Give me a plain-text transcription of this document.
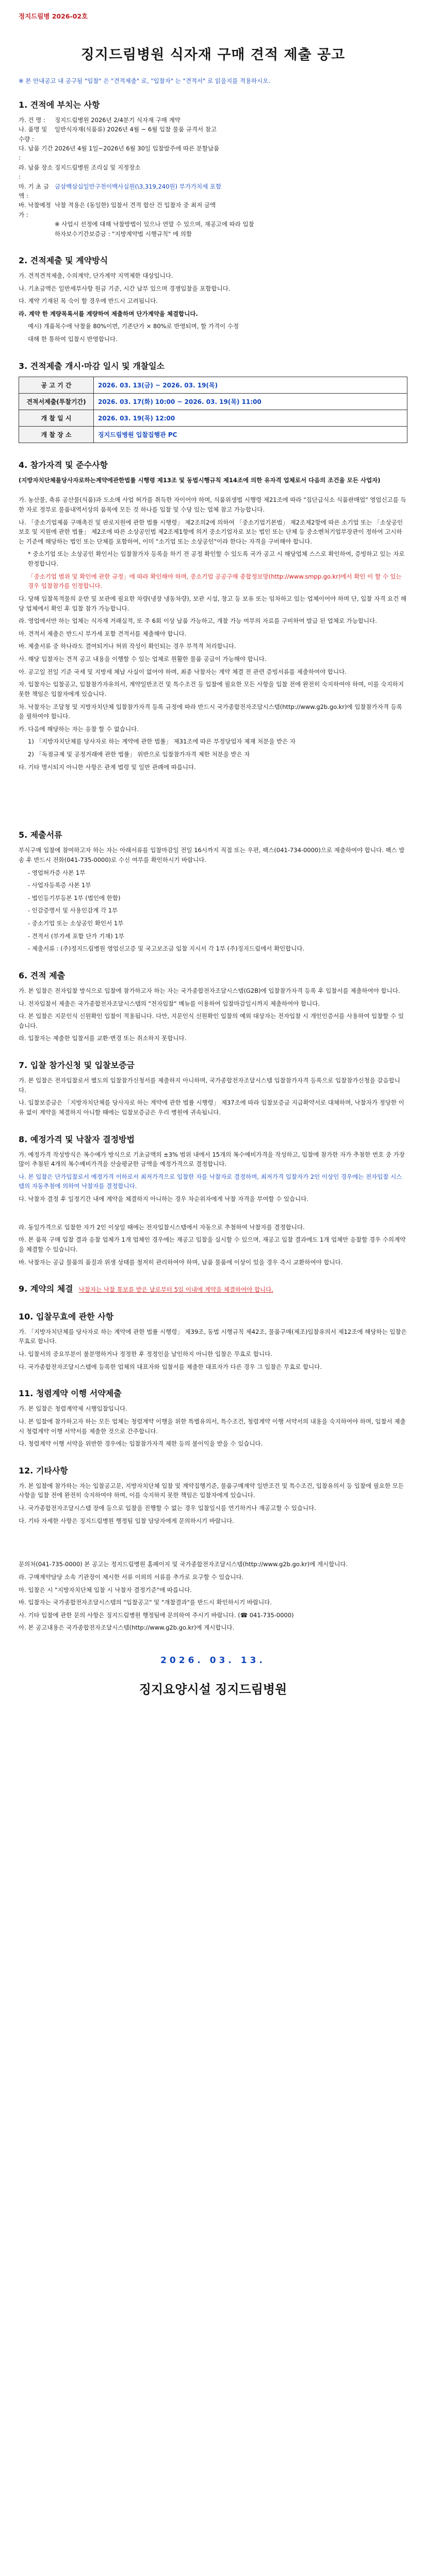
정지드림병 2026-02호
징지드림병원 식자재 구매 견적 제출 공고
※ 본 안내공고 내 공구될 "입찰" 은 "견적제출" 로, "입찰자" 는 "견적서" 로 읽을지를 적용하시오.
1. 견적에 부치는 사항
가. 건 명 :	징지드림병원 2026년 2/4분기 식자재 구매 계약
나. 품명 및 수량 :
일반식자재(식품류) 2026년 4월 ~ 6월 입찰 물품 규격서 참고
다. 납품 기간 :
2026년 4월 1일~2026년 6월 30일 입찰발주에 따른 분할납품
라. 납품 장소 :
징지드림병원 조리실 및 지정장소
마. 기 초 금 액 :
금삼백삼십일만구천이백사십원(\3,319,240원) 부가가치세 포함
바. 낙찰예정가 :
낙찰 적용은 (동일한) 입찰서 견적 합산 건 입찰자 중 최저 금액
※ 사업시 선정에 대해 낙찰방법이 있으나 연말 수 있으며, 재공고에 따라 입찰
하자보수기간보증금 : "지방계약법 시행규칙" 에 의함
2. 견적제출 및 계약방식

가. 견적견적제출, 수의계약, 단가계약 지역제한 대상입니다.

나. 기초금액은 일반세부사항 원금 기준, 시간 납부 있으며 경쟁입찰을 포함합니다.

다. 계약 기재된 목 숙이 할 경우에 반드시 고려됩니다.

라. 계약 한 계량목록서를 계량하여 제출하며 단가계약을 체결합니다.

예시) 개품목수에 낙찰율 80%이면, 기존단가 × 80%로 반영되며, 할 가격이 수정

대해 한 통하여 입찰시 반영합니다.

3. 견적제출 개시·마감 일시 및 개찰일소
공 고 기 간	2026. 03. 13(금) ~ 2026. 03. 19(목)
견적서제출(투찰기간)	2026. 03. 17(화) 10:00 ~ 2026. 03. 19(목) 11:00
개 찰 일 시	2026. 03. 19(목) 12:00
개 찰 장 소	징지드림병원 입찰집행관 PC
4. 참가자격 및 준수사항

(지방자치단체를당사자로하는계약에관한법률 시행령 제13조 및 동법시행규칙 제14조에 의한 유자격 업체로서 다음의 조건을 모든 사업자)

가. 농산물, 축류 공산물(식품)과 도소매 사업 허가를 취득한 자이어야 하며, 식품위생법 시행령 제21조에 따라 "집단급식소 식품판매업" 영업신고를 득한 자로 정부로 물품내역서상의 품목에 모든 것 하나를 입찰 및 수당 있는 업체 참고 가능합니다.

나. 「중소기업제품 구매촉진 및 판로지원에 관한 법률 시행령」 제2조의2에 의하여 「중소기업기본법」 제2조제2항에 따른 소기업 또는 「소상공인 보호 및 지원에 관한 법률」 제2조에 따른 소상공인법 제2조제1항에 의거 중소기업자로 보는 법인 또는 단체 등 중소벤처기업부장관이 정하여 고시하는 기준에 해당하는 법인 또는 단체를 포함하여, 이미 "소기업 또는 소상공인"이라 한다는 자격을 구비해야 합니다.

* 중소기업 또는 소상공인 확인서는 입찰참가자 등록을 하기 전 공정 확인할 수 있도록 국가 공고 시 해당업체 스스로 확인하여, 증빙하고 있는 자로 한정합니다.

「중소기업 범위 및 확인에 관한 규정」에 따라 확인해야 하며, 중소기업 공공구매 종합정보망(http://www.smpp.go.kr)에서 확인 이 할 수 있는 경우 입찰참가를 인정합니다.

다. 당해 입찰목적물의 운반 및 보관에 필요한 차량(냉장 냉동차량), 보관 시설, 창고 등 보유 또는 임차하고 있는 업체이어야 하며 단, 입찰 자격 요건 해당 업체에서 확인 후 입찰 참가 가능합니다.

라. 영업에서만 하는 업체는 식자재 거래실적, 또 주 6회 이상 납품 가능하고, 개찰 가능 여부의 자료를 구비하여 발급 된 업체로 가능합니다.

마. 견적서 제출은 반드시 부가세 포함 견적서를 제출해야 합니다.

바. 제출서류 중 하나라도 결여되거나 허위 작성이 확인되는 경우 부적격 처리합니다.

사. 해당 입찰자는 견적 공고 내용을 이행할 수 있는 업체로 원활한 물품 공급이 가능해야 합니다.

아. 공고일 전일 기준 국세 및 지방세 체납 사실이 없어야 하며, 최종 낙찰자는 계약 체결 전 관련 증빙서류를 제출하여야 합니다.

자. 입찰자는 입찰공고, 입찰참가자유의서, 계약일반조건 및 특수조건 등 입찰에 필요한 모든 사항을 입찰 전에 완전히 숙지하여야 하며, 이를 숙지하지 못한 책임은 입찰자에게 있습니다.

차. 낙찰자는 조달청 및 지방자치단체 입찰참가자격 등록 규정에 따라 반드시 국가종합전자조달시스템(http://www.g2b.go.kr)에 입찰참가자격 등록을 필하여야 합니다.

카. 다음에 해당하는 자는 응찰 할 수 없습니다.

1) 「지방자치단체를 당사자로 하는 계약에 관한 법률」 제31조에 따른 부정당업자 제재 처분을 받은 자

2) 「독점규제 및 공정거래에 관한 법률」 위반으로 입찰참가자격 제한 처분을 받은 자

타. 기타 명시되지 아니한 사항은 관계 법령 및 일반 관례에 따릅니다.

5. 제출서류

부식구매 입찰에 참여하고자 하는 자는 아래서류를 입찰마감일 전일 16시까지 직접 또는 우편, 팩스(041-734-0000)으로 제출하여야 합니다. 팩스 발송 후 반드시 전화(041-735-0000)로 수신 여부를 확인하시기 바랍니다.

- 영업허가증 사본 1부

- 사업자등록증 사본 1부

- 법인등기부등본 1부 (법인에 한함)

- 인감증명서 및 사용인감계 각 1부

- 중소기업 또는 소상공인 확인서 1부

- 견적서 (부가세 포함 단가 기재) 1부

- 제출서류 : (주)정지드림병원 영업신고증 및 국고보조금 입찰 지시서 각 1부 (주)징지드림에서 확인합니다.

6. 견적 제출

가. 본 입찰은 전자입찰 방식으로 입찰에 참가하고자 하는 자는 국가종합전자조달시스템(G2B)에 입찰참가자격 등록 후 입찰서를 제출하여야 합니다.

나. 전자입찰서 제출은 국가종합전자조달시스템의 "전자입찰" 메뉴를 이용하여 입찰마감일시까지 제출하여야 합니다.

다. 본 입찰은 지문인식 신원확인 입찰이 적용됩니다. 다만, 지문인식 신원확인 입찰의 예외 대상자는 전자입찰 시 개인인증서를 사용하여 입찰할 수 있습니다.

라. 입찰자는 제출한 입찰서를 교환·변경 또는 취소하지 못합니다.

7. 입찰 참가신청 및 입찰보증금

가. 본 입찰은 전자입찰로서 별도의 입찰참가신청서를 제출하지 아니하며, 국가종합전자조달시스템 입찰참가자격 등록으로 입찰참가신청을 갈음합니다.

나. 입찰보증금은 「지방자치단체를 당사자로 하는 계약에 관한 법률 시행령」 제37조에 따라 입찰보증금 지급확약서로 대체하며, 낙찰자가 정당한 이유 없이 계약을 체결하지 아니할 때에는 입찰보증금은 우리 병원에 귀속됩니다.

8. 예정가격 및 낙찰자 결정방법

가. 예정가격 작성방식은 복수예가 방식으로 기초금액의 ±3% 범위 내에서 15개의 복수예비가격을 작성하고, 입찰에 참가한 자가 추첨한 번호 중 가장 많이 추첨된 4개의 복수예비가격을 산술평균한 금액을 예정가격으로 결정합니다.

나. 본 입찰은 단가입찰로서 예정가격 이하로서 최저가격으로 입찰한 자를 낙찰자로 결정하며, 최저가격 입찰자가 2인 이상인 경우에는 전자입찰 시스템의 자동추첨에 의하여 낙찰자를 결정합니다.

다. 낙찰자 결정 후 일정기간 내에 계약을 체결하지 아니하는 경우 차순위자에게 낙찰 자격을 부여할 수 있습니다.

라. 동일가격으로 입찰한 자가 2인 이상일 때에는 전자입찰시스템에서 자동으로 추첨하여 낙찰자를 결정합니다.

마. 본 품목 구매 입찰 결과 응찰 업체가 1개 업체인 경우에는 재공고 입찰을 실시할 수 있으며, 재공고 입찰 결과에도 1개 업체만 응찰할 경우 수의계약을 체결할 수 있습니다.

바. 낙찰자는 공급 물품의 품질과 위생 상태를 철저히 관리하여야 하며, 납품 물품에 이상이 있을 경우 즉시 교환하여야 합니다.

9. 계약의 체결 낙찰자는 낙찰 통보를 받은 날로부터 5일 이내에 계약을 체결하여야 합니다.
10. 입찰무효에 관한 사항

가. 「지방자치단체를 당사자로 하는 계약에 관한 법률 시행령」 제39조, 동법 시행규칙 제42조, 물품구매(제조)입찰유의서 제12조에 해당하는 입찰은 무효로 합니다.

나. 입찰서의 중요부분이 불분명하거나 정정한 후 정정인을 날인하지 아니한 입찰은 무효로 합니다.

다. 국가종합전자조달시스템에 등록한 업체의 대표자와 입찰서를 제출한 대표자가 다른 경우 그 입찰은 무효로 합니다.

11. 청렴계약 이행 서약제출

가. 본 입찰은 청렴계약제 시행입찰입니다.

나. 본 입찰에 참가하고자 하는 모든 업체는 청렴계약 이행을 위한 특별유의서, 특수조건, 청렴계약 이행 서약서의 내용을 숙지하여야 하며, 입찰서 제출 시 청렴계약 이행 서약서를 제출한 것으로 간주합니다.

다. 청렴계약 이행 서약을 위반한 경우에는 입찰참가자격 제한 등의 불이익을 받을 수 있습니다.

12. 기타사항

가. 본 입찰에 참가하는 자는 입찰공고문, 지방자치단체 입찰 및 계약집행기준, 물품구매계약 일반조건 및 특수조건, 입찰유의서 등 입찰에 필요한 모든 사항을 입찰 전에 완전히 숙지하여야 하며, 이를 숙지하지 못한 책임은 입찰자에게 있습니다.

나. 국가종합전자조달시스템 장애 등으로 입찰을 진행할 수 없는 경우 입찰일시를 연기하거나 재공고할 수 있습니다.

다. 기타 자세한 사항은 징지드림병원 행정팀 입찰 담당자에게 문의하시기 바랍니다.

문의처(041-735-0000) 본 공고는 정지드림병원 홈페이지 및 국가종합전자조달시스템(http://www.g2b.go.kr)에 게시합니다.

라. 구매계약담당 소속 기관장이 제시한 서류 이외의 서류를 추가로 요구할 수 있습니다.

마. 입찰은 시 "지방자치단체 입찰 시 낙찰자 결정기준"에 따릅니다.

바. 입찰자는 국가종합전자조달시스템의 "입찰공고" 및 "개찰결과"를 반드시 확인하시기 바랍니다.

사. 기타 입찰에 관한 문의 사항은 징지드림병원 행정팀에 문의하여 주시기 바랍니다. (☎ 041-735-0000)

아. 본 공고내용은 국가종합전자조달시스템(http://www.g2b.go.kr)에 게시합니다.

2026. 03. 13.
징지요양시설 징지드림병원
